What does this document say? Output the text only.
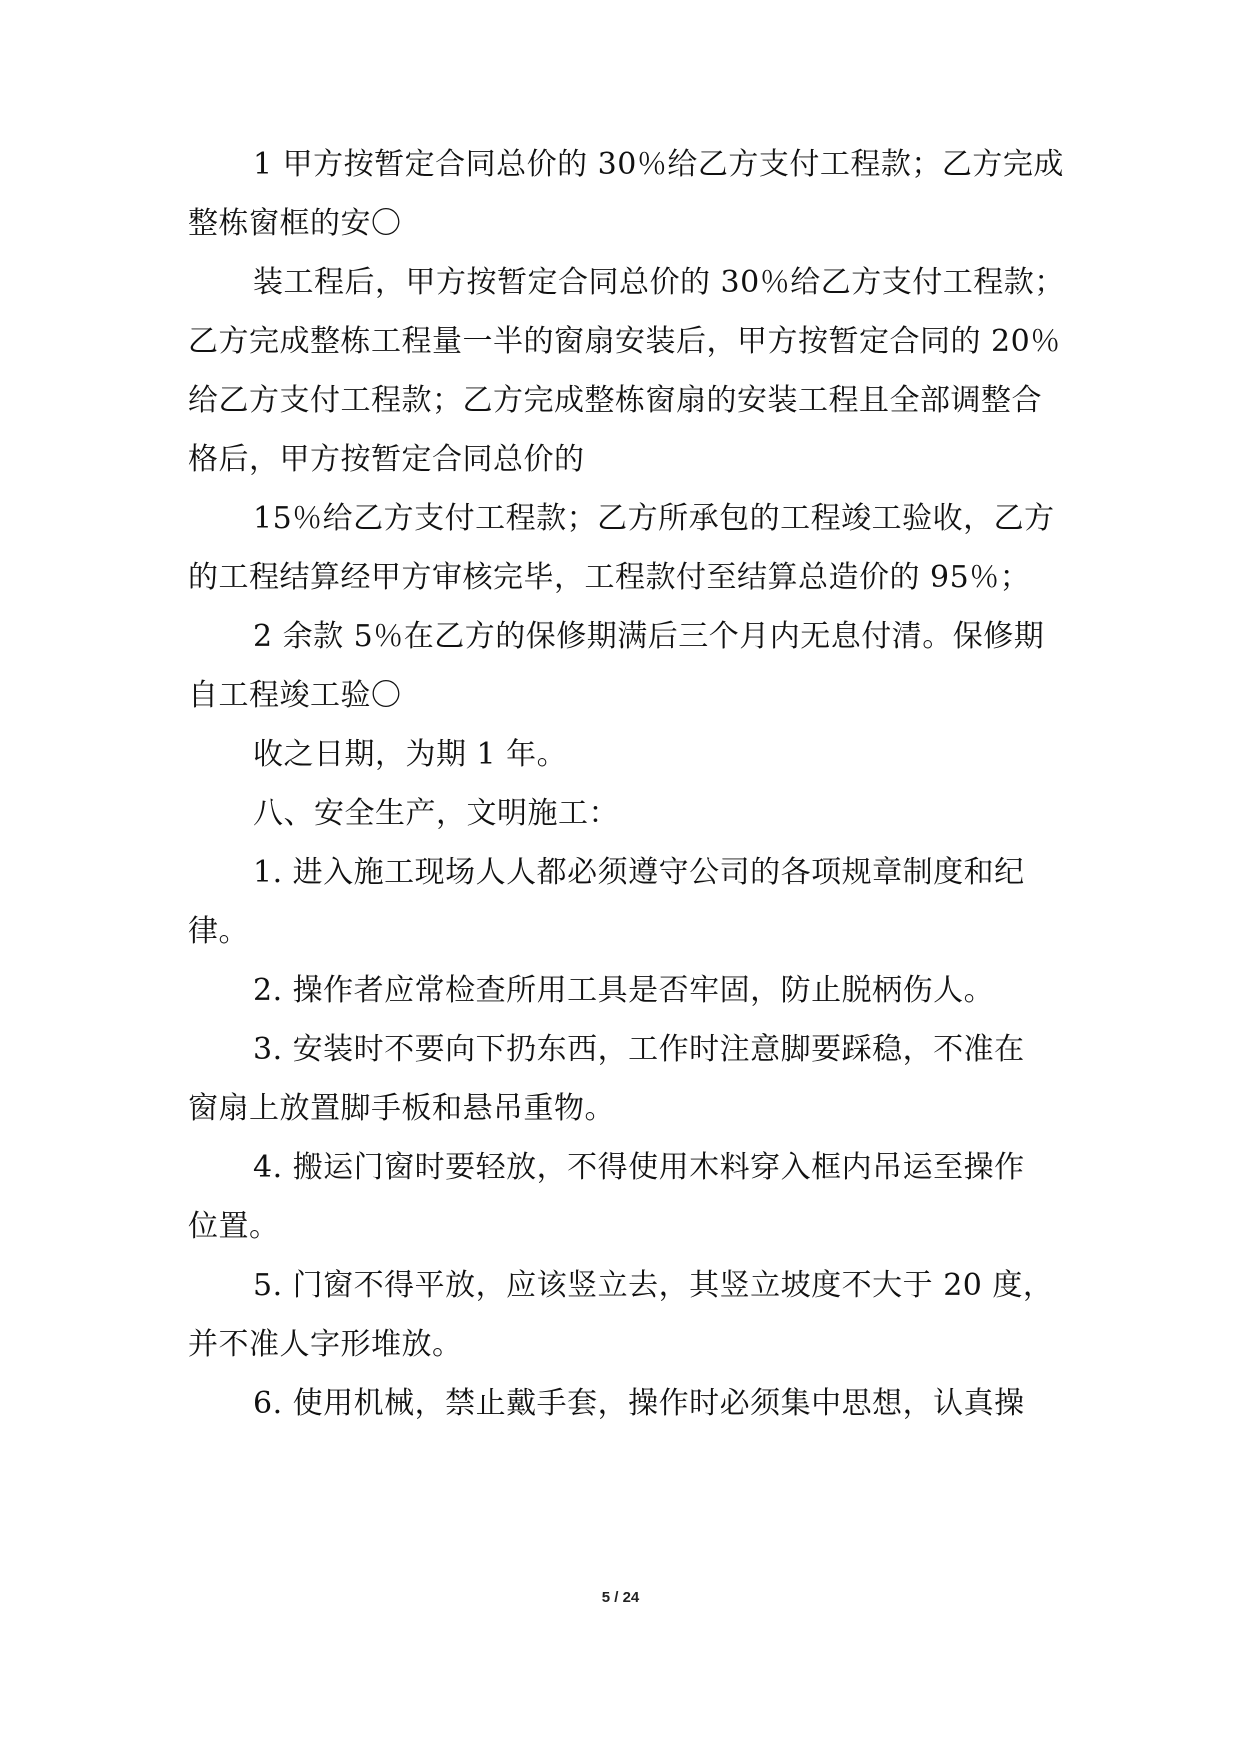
1 甲方按暂定合同总价的 30％给乙方支付工程款；乙方完成
整栋窗框的安〇
装工程后，甲方按暂定合同总价的 30％给乙方支付工程款；
乙方完成整栋工程量一半的窗扇安装后，甲方按暂定合同的 20％
给乙方支付工程款；乙方完成整栋窗扇的安装工程且全部调整合
格后，甲方按暂定合同总价的
15％给乙方支付工程款；乙方所承包的工程竣工验收，乙方
的工程结算经甲方审核完毕，工程款付至结算总造价的 95％；
2 余款 5％在乙方的保修期满后三个月内无息付清。保修期
自工程竣工验〇
收之日期，为期 1 年。
八、安全生产，文明施工：
1. 进入施工现场人人都必须遵守公司的各项规章制度和纪
律。
2. 操作者应常检查所用工具是否牢固，防止脱柄伤人。
3. 安装时不要向下扔东西，工作时注意脚要踩稳，不准在
窗扇上放置脚手板和悬吊重物。
4. 搬运门窗时要轻放，不得使用木料穿入框内吊运至操作
位置。
5. 门窗不得平放，应该竖立去，其竖立坡度不大于 20 度，
并不准人字形堆放。
6. 使用机械，禁止戴手套，操作时必须集中思想，认真操
5 / 24
